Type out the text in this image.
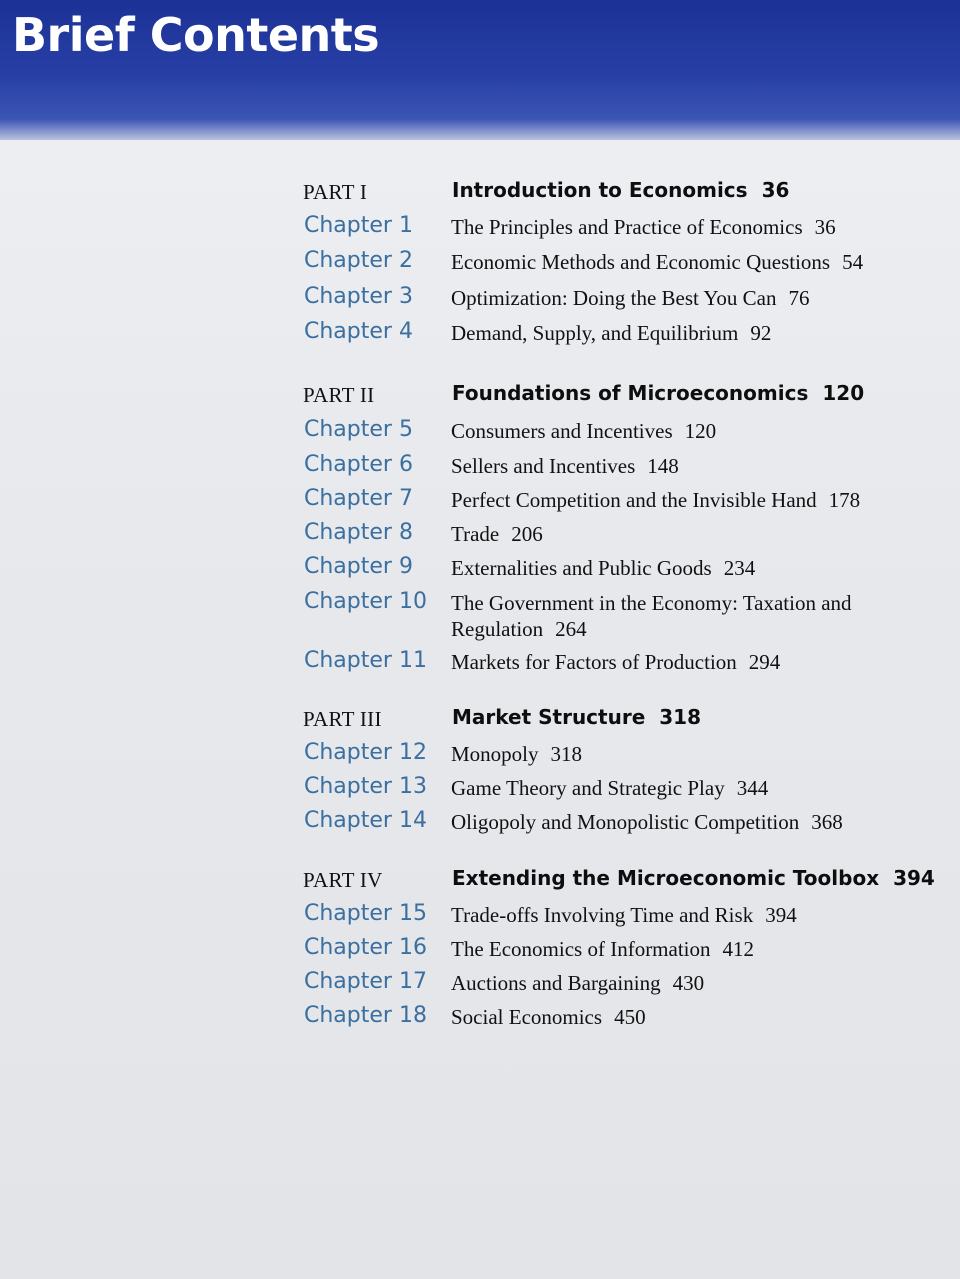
Brief Contents
PART I	Introduction to Economics 36
Chapter 1 The Principles and Practice of Economics 36
Chapter 2 Economic Methods and Economic Questions 54
Chapter 3 Optimization: Doing the Best You Can 76
Chapter 4 Demand, Supply, and Equilibrium 92
PART II	Foundations of Microeconomics 120
Chapter 5 Consumers and Incentives 120
Chapter 6 Sellers and Incentives 148
Chapter 7 Perfect Competition and the Invisible Hand 178
Chapter 8 Trade 206
Chapter 9 Externalities and Public Goods 234
Chapter 10 The Government in the Economy: Taxation and Regulation 264
Chapter 11 Markets for Factors of Production 294
PART III	Market Structure 318
Chapter 12 Monopoly 318
Chapter 13 Game Theory and Strategic Play 344
Chapter 14 Oligopoly and Monopolistic Competition 368
PART IV	Extending the Microeconomic Toolbox 394
Chapter 15 Trade-offs Involving Time and Risk 394
Chapter 16 The Economics of Information 412
Chapter 17 Auctions and Bargaining 430
Chapter 18 Social Economics 450
